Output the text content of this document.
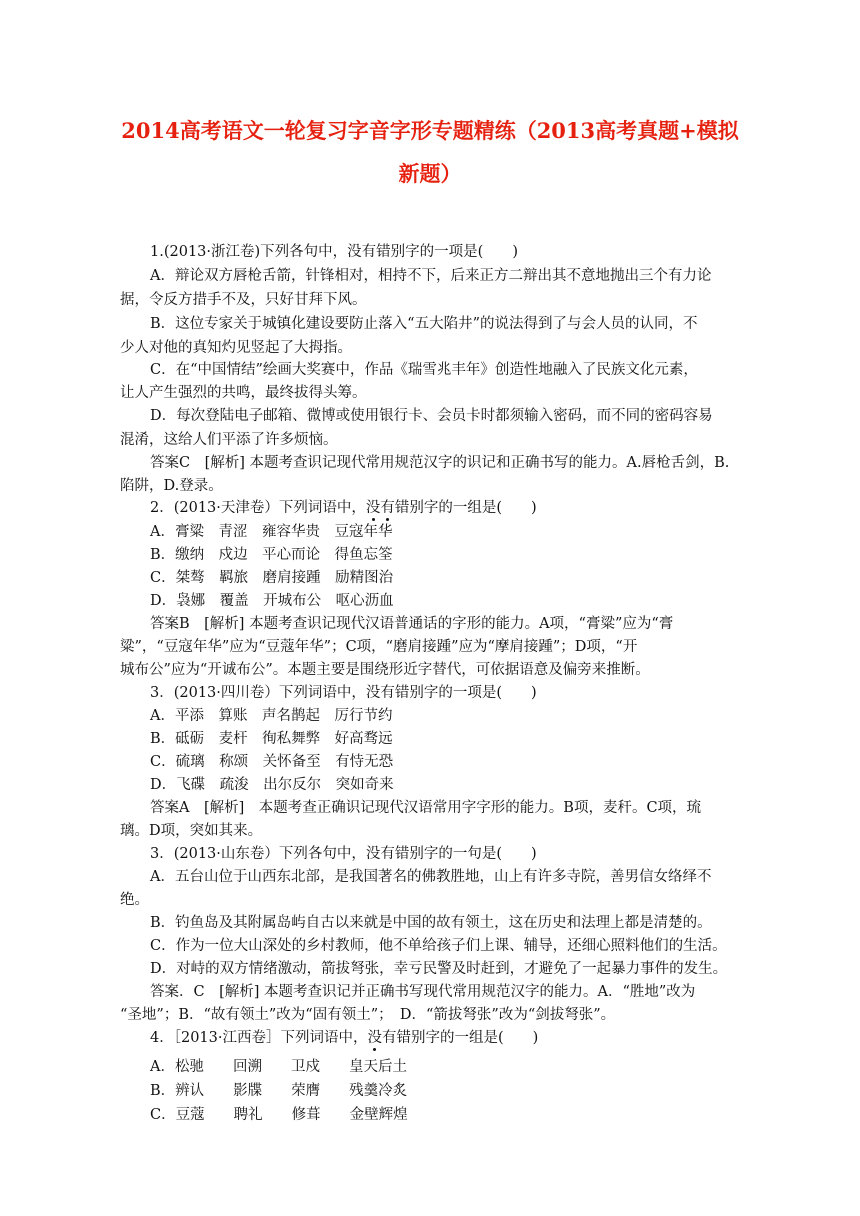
2014高考语文一轮复习字音字形专题精练（2013高考真题+模拟
新题）
1.(2013·浙江卷)下列各句中，没有错别字的一项是(　　)
A．辩论双方唇枪舌箭，针锋相对，相持不下，后来正方二辩出其不意地抛出三个有力论
据，令反方措手不及，只好甘拜下风。
B．这位专家关于城镇化建设要防止落入“五大陷井”的说法得到了与会人员的认同，不
少人对他的真知灼见竖起了大拇指。
C．在“中国情结”绘画大奖赛中，作品《瑞雪兆丰年》创造性地融入了民族文化元素，
让人产生强烈的共鸣，最终拔得头筹。
D．每次登陆电子邮箱、微博或使用银行卡、会员卡时都须输入密码，而不同的密码容易
混淆，这给人们平添了许多烦恼。
答案C　[解析] 本题考查识记现代常用规范汉字的识记和正确书写的能力。A.唇枪舌剑，B.
陷阱，D.登录。
2．(2013·天津卷）下列词语中，没有错别字的一组是(　　)
A．膏粱　青涩　雍容华贵　豆寇年华
B．缴纳　戍边　平心而论　得鱼忘筌
C．桀骜　羁旅　磨肩接踵　励精图治
D．袅娜　覆盖　开城布公　呕心沥血
答案B　[解析] 本题考查识记现代汉语普通话的字形的能力。A项，“膏粱”应为“膏
粱”，“豆寇年华”应为“豆蔻年华”；C项，“磨肩接踵”应为“摩肩接踵”；D项，“开
城布公”应为“开诚布公”。本题主要是围绕形近字替代，可依据语意及偏旁来推断。
3．(2013·四川卷）下列词语中，没有错别字的一项是(　　)
A．平添　算账　声名鹊起　厉行节约
B．砥砺　麦杆　徇私舞弊　好高骛远
C．硫璃　称颂　关怀备至　有恃无恐
D．飞碟　疏浚　出尔反尔　突如奇来
答案A　[解析]　本题考查正确识记现代汉语常用字字形的能力。B项，麦秆。C项，琉
璃。D项，突如其来。
3．(2013·山东卷）下列各句中，没有错别字的一句是(　　)
A．五台山位于山西东北部，是我国著名的佛教胜地，山上有许多寺院，善男信女络绎不
绝。
B．钓鱼岛及其附属岛屿自古以来就是中国的故有领土，这在历史和法理上都是清楚的。
C．作为一位大山深处的乡村教师，他不单给孩子们上课、辅导，还细心照料他们的生活。
D．对峙的双方情绪激动，箭拔弩张，幸亏民警及时赶到，才避免了一起暴力事件的发生。
答案．C　[解析] 本题考查识记并正确书写现代常用规范汉字的能力。A．“胜地”改为
“圣地”；B．“故有领土”改为“固有领土”；　D．“箭拔弩张”改为“剑拔弩张”。
4．［2013·江西卷］下列词语中，没有错别字的一组是(　　)
A．松驰　　回溯　　卫戍　　皇天后土
B．辨认　　影牒　　荣膺　　残羹冷炙
C．豆蔻　　聘礼　　修葺　　金壁辉煌
